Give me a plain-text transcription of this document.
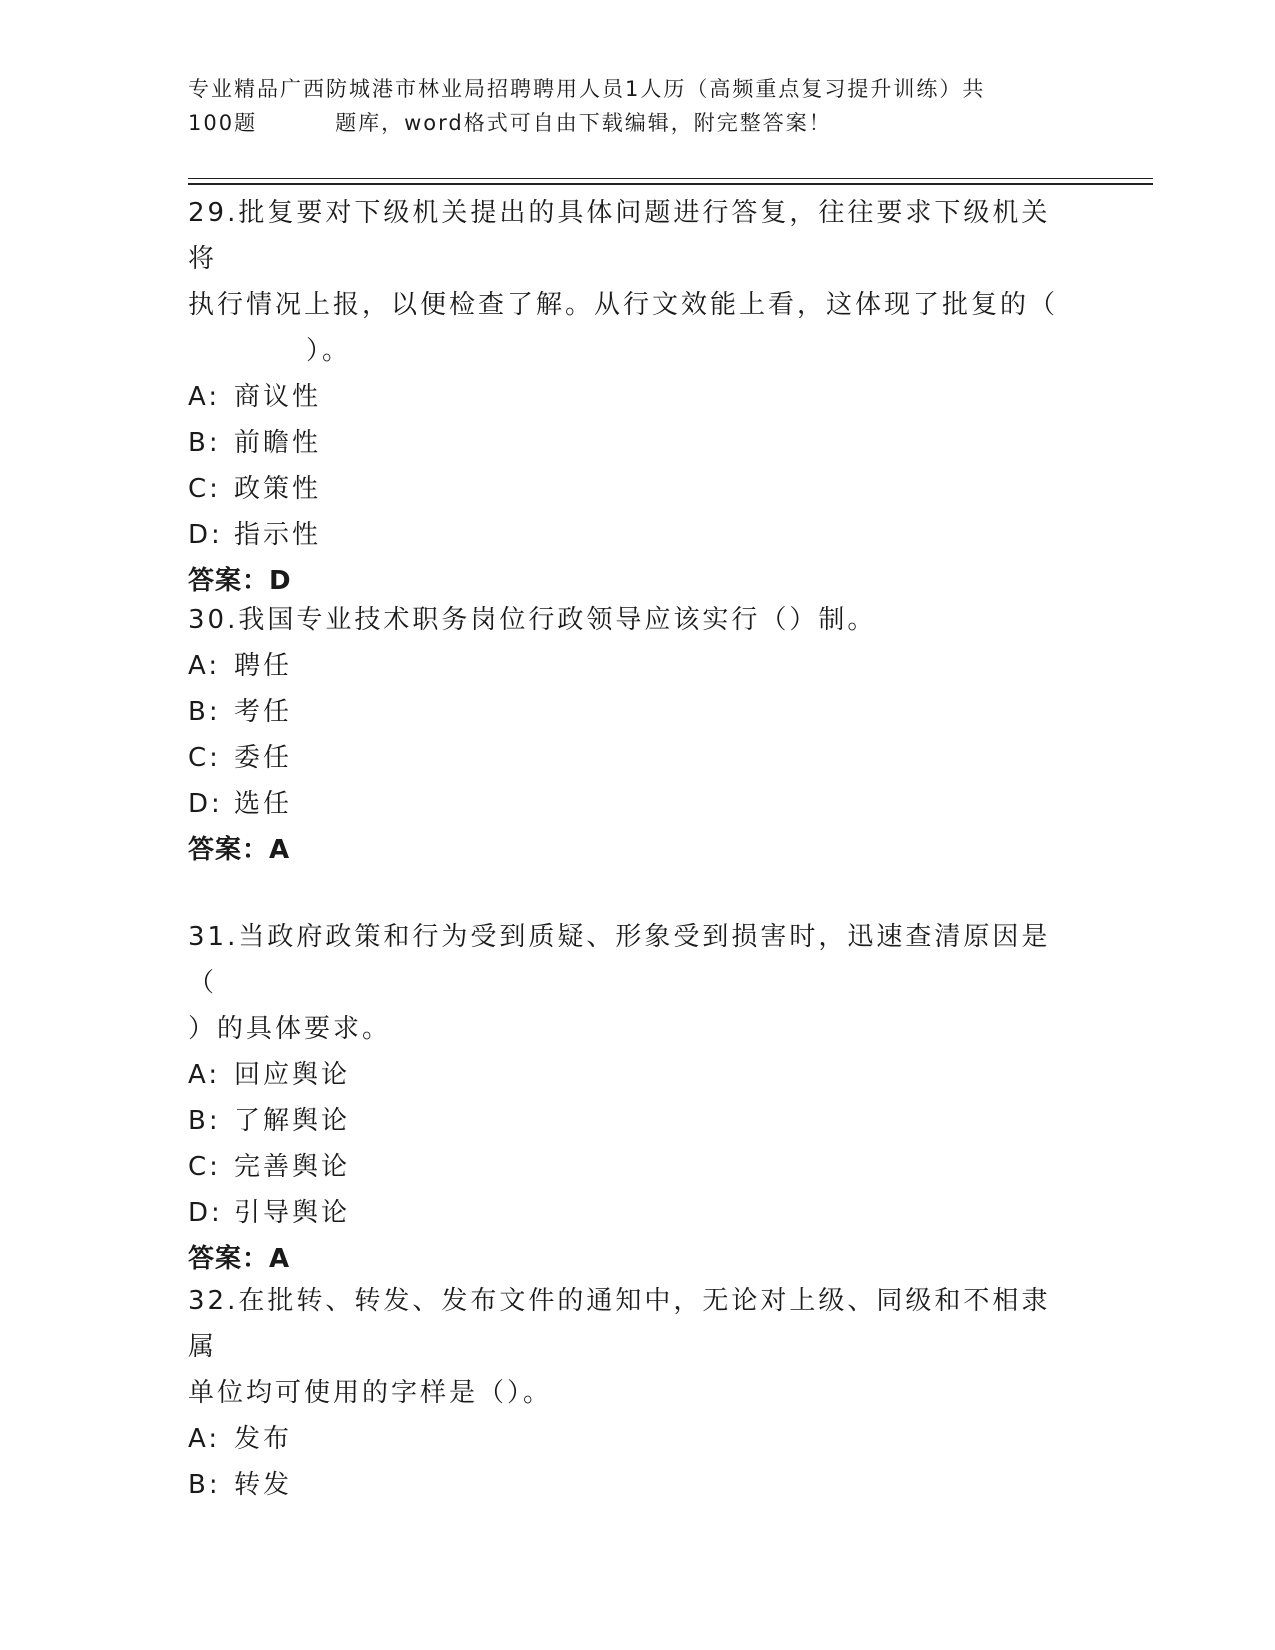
专业精品广西防城港市林业局招聘聘用人员1人历（高频重点复习提升训练）共
100题	题库，word格式可自由下载编辑，附完整答案！
29.批复要对下级机关提出的具体问题进行答复，往往要求下级机关将
执行情况上报，以便检查了解。从行文效能上看，这体现了批复的（
）。
A: 商议性
B: 前瞻性
C: 政策性
D: 指示性
答案：D
30.我国专业技术职务岗位行政领导应该实行（）制。
A: 聘任
B: 考任
C: 委任
D: 选任
答案：A
31.当政府政策和行为受到质疑、形象受到损害时，迅速查清原因是（
）的具体要求。
A: 回应舆论
B: 了解舆论
C: 完善舆论
D: 引导舆论
答案：A
32.在批转、转发、发布文件的通知中，无论对上级、同级和不相隶属
单位均可使用的字样是（）。
A: 发布
B: 转发
